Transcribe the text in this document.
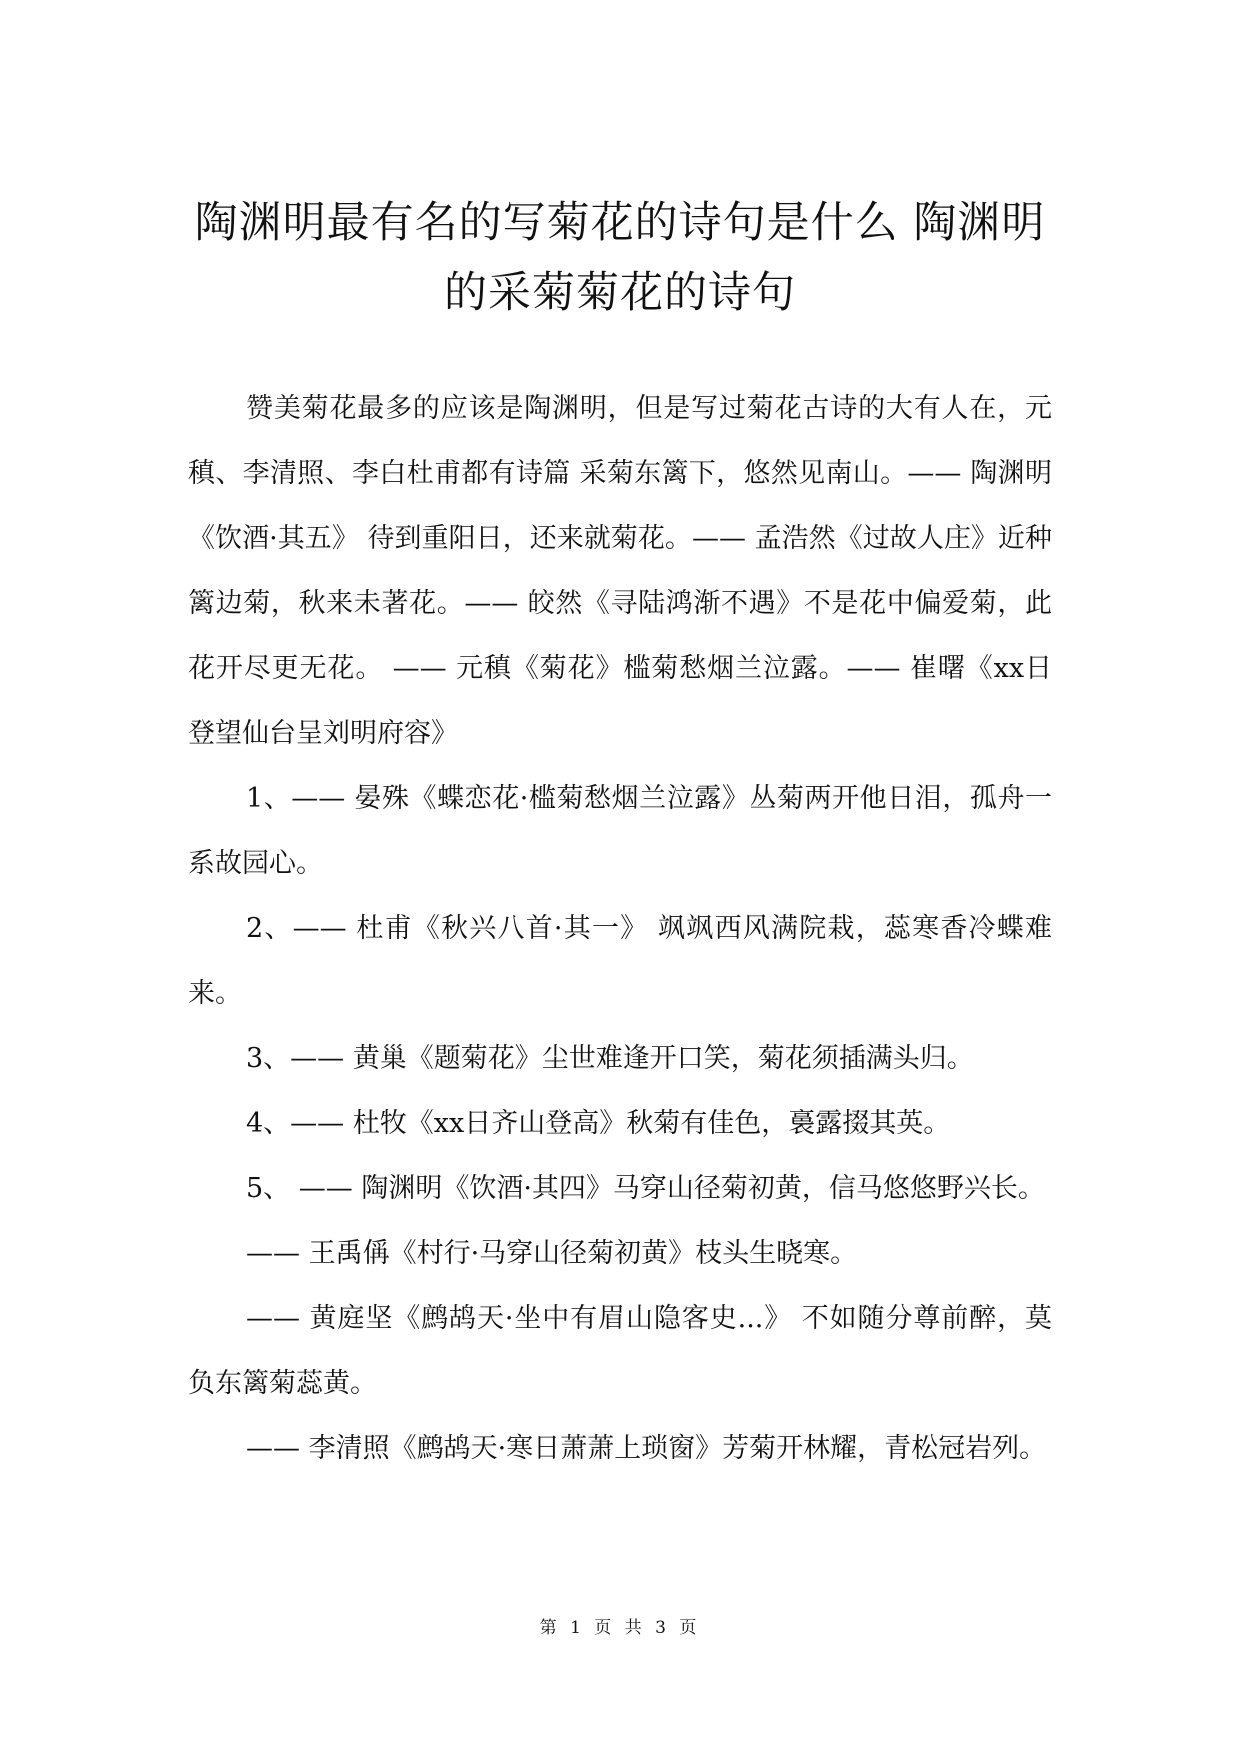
陶渊明最有名的写菊花的诗句是什么 陶渊明的采菊菊花的诗句

赞美菊花最多的应该是陶渊明，但是写过菊花古诗的大有人在，元稹、李清照、李白杜甫都有诗篇 采菊东篱下，悠然见南山。—— 陶渊明《饮酒·其五》 待到重阳日，还来就菊花。—— 孟浩然《过故人庄》近种篱边菊，秋来未著花。—— 皎然《寻陆鸿渐不遇》不是花中偏爱菊，此花开尽更无花。 —— 元稹《菊花》槛菊愁烟兰泣露。—— 崔曙《xx日登望仙台呈刘明府容》

1、—— 晏殊《蝶恋花·槛菊愁烟兰泣露》丛菊两开他日泪，孤舟一系故园心。

2、—— 杜甫《秋兴八首·其一》 飒飒西风满院栽，蕊寒香冷蝶难来。

3、—— 黄巢《题菊花》尘世难逢开口笑，菊花须插满头归。

4、—— 杜牧《xx日齐山登高》秋菊有佳色，裛露掇其英。

5、 —— 陶渊明《饮酒·其四》马穿山径菊初黄，信马悠悠野兴长。

—— 王禹偁《村行·马穿山径菊初黄》枝头生晓寒。

—— 黄庭坚《鹧鸪天·坐中有眉山隐客史...》 不如随分尊前醉，莫负东篱菊蕊黄。

—— 李清照《鹧鸪天·寒日萧萧上琐窗》芳菊开林耀，青松冠岩列。

第 1 页 共 3 页
